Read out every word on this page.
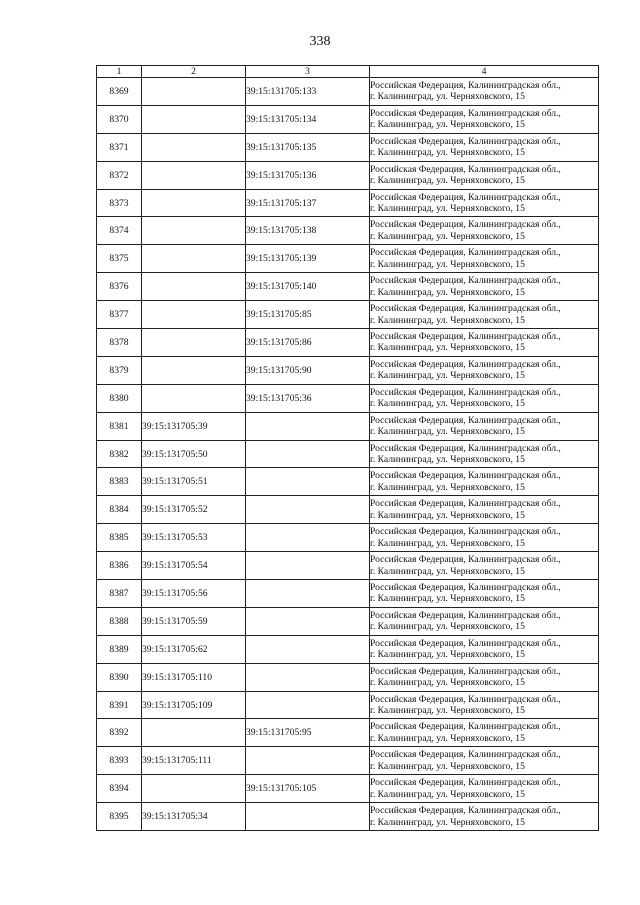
338
1	2	3	4
8369		39:15:131705:133	Российская Федерация, Калининградская обл.,
г. Калининград, ул. Черняховского, 15

8370		39:15:131705:134	Российская Федерация, Калининградская обл.,
г. Калининград, ул. Черняховского, 15

8371		39:15:131705:135	Российская Федерация, Калининградская обл.,
г. Калининград, ул. Черняховского, 15

8372		39:15:131705:136	Российская Федерация, Калининградская обл.,
г. Калининград, ул. Черняховского, 15

8373		39:15:131705:137	Российская Федерация, Калининградская обл.,
г. Калининград, ул. Черняховского, 15

8374		39:15:131705:138	Российская Федерация, Калининградская обл.,
г. Калининград, ул. Черняховского, 15

8375		39:15:131705:139	Российская Федерация, Калининградская обл.,
г. Калининград, ул. Черняховского, 15

8376		39:15:131705:140	Российская Федерация, Калининградская обл.,
г. Калининград, ул. Черняховского, 15

8377		39:15:131705:85	Российская Федерация, Калининградская обл.,
г. Калининград, ул. Черняховского, 15

8378		39:15:131705:86	Российская Федерация, Калининградская обл.,
г. Калининград, ул. Черняховского, 15

8379		39:15:131705:90	Российская Федерация, Калининградская обл.,
г. Калининград, ул. Черняховского, 15

8380		39:15:131705:36	Российская Федерация, Калининградская обл.,
г. Калининград, ул. Черняховского, 15

8381	39:15:131705:39		Российская Федерация, Калининградская обл.,
г. Калининград, ул. Черняховского, 15

8382	39:15:131705:50		Российская Федерация, Калининградская обл.,
г. Калининград, ул. Черняховского, 15

8383	39:15:131705:51		Российская Федерация, Калининградская обл.,
г. Калининград, ул. Черняховского, 15

8384	39:15:131705:52		Российская Федерация, Калининградская обл.,
г. Калининград, ул. Черняховского, 15

8385	39:15:131705:53		Российская Федерация, Калининградская обл.,
г. Калининград, ул. Черняховского, 15

8386	39:15:131705:54		Российская Федерация, Калининградская обл.,
г. Калининград, ул. Черняховского, 15

8387	39:15:131705:56		Российская Федерация, Калининградская обл.,
г. Калининград, ул. Черняховского, 15

8388	39:15:131705:59		Российская Федерация, Калининградская обл.,
г. Калининград, ул. Черняховского, 15

8389	39:15:131705:62		Российская Федерация, Калининградская обл.,
г. Калининград, ул. Черняховского, 15

8390	39:15:131705:110		Российская Федерация, Калининградская обл.,
г. Калининград, ул. Черняховского, 15

8391	39:15:131705:109		Российская Федерация, Калининградская обл.,
г. Калининград, ул. Черняховского, 15

8392		39:15:131705:95	Российская Федерация, Калининградская обл.,
г. Калининград, ул. Черняховского, 15

8393	39:15:131705:111		Российская Федерация, Калининградская обл.,
г. Калининград, ул. Черняховского, 15

8394		39:15:131705:105	Российская Федерация, Калининградская обл.,
г. Калининград, ул. Черняховского, 15

8395	39:15:131705:34		Российская Федерация, Калининградская обл.,
г. Калининград, ул. Черняховского, 15
